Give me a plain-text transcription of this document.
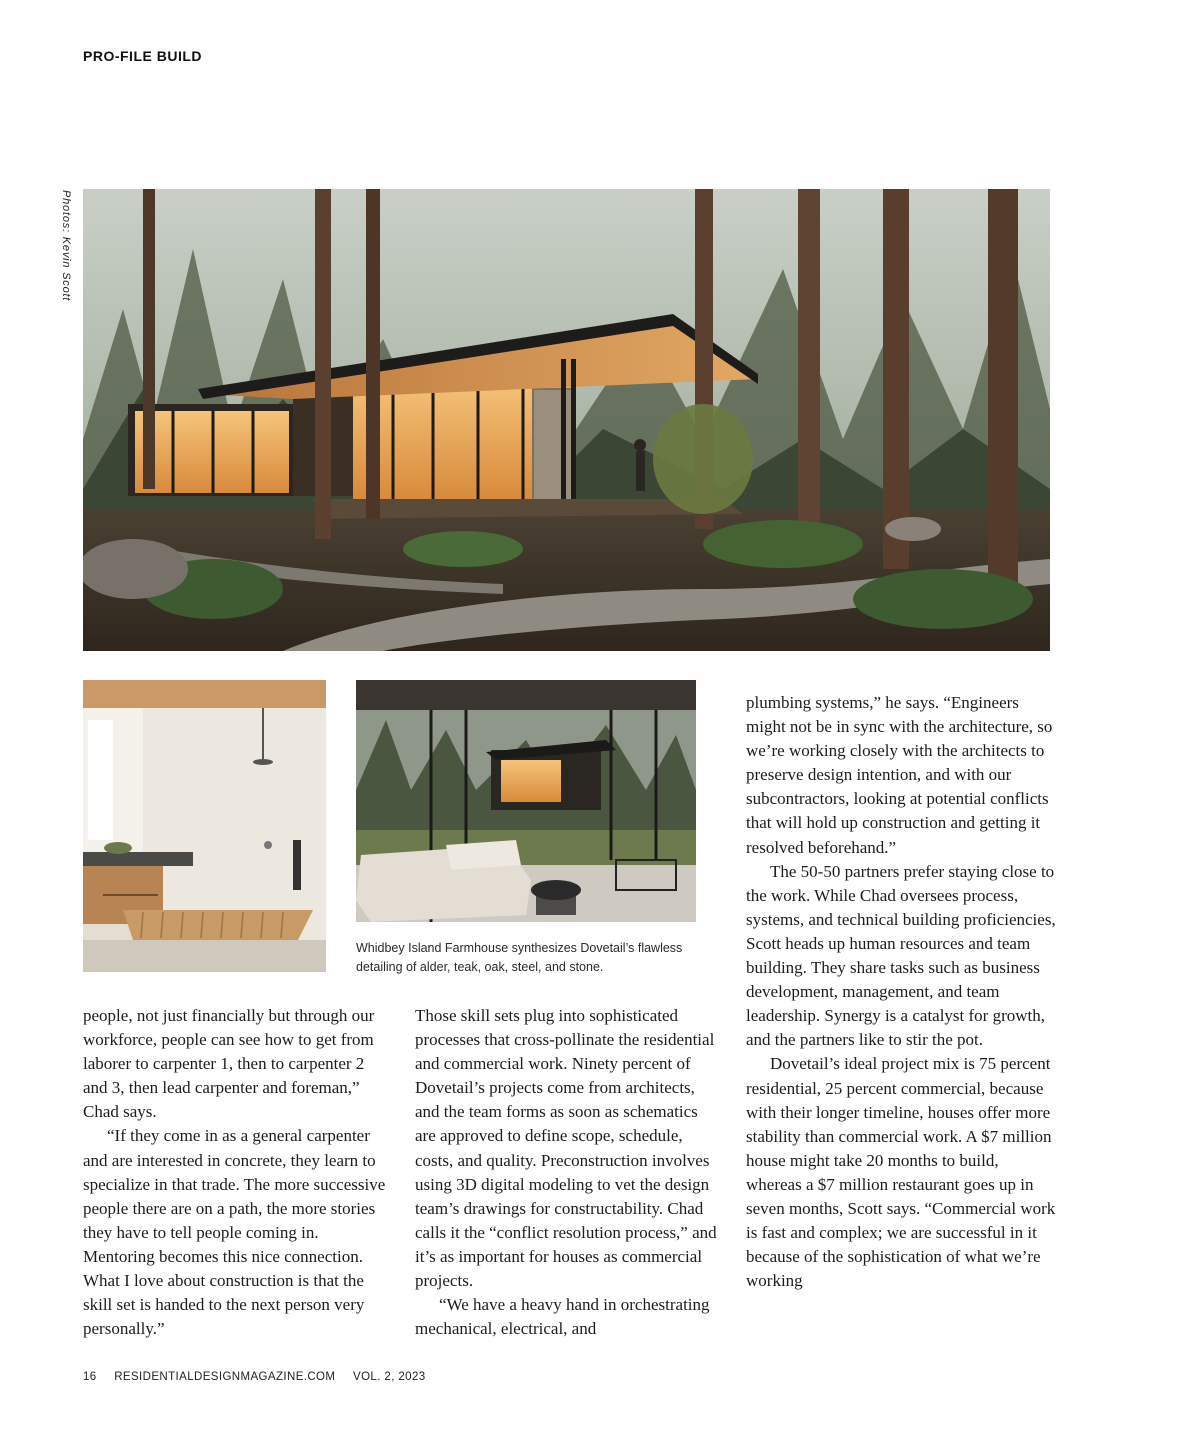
PRO-FILE BUILD
Photos: Kevin Scott
Whidbey Island Farmhouse synthesizes Dovetail’s flawless detailing of alder, teak, oak, steel, and stone.

people, not just financially but through our workforce, people can see how to get from laborer to carpenter 1, then to carpenter 2 and 3, then lead carpenter and foreman,” Chad says.

“If they come in as a general carpenter and are interested in concrete, they learn to specialize in that trade. The more successive people there are on a path, the more stories they have to tell people coming in. Mentoring becomes this nice connection. What I love about construction is that the skill set is handed to the next person very personally.”

Those skill sets plug into sophisticated processes that cross-pollinate the residential and commercial work. Ninety percent of Dovetail’s projects come from architects, and the team forms as soon as schematics are approved to define scope, schedule, costs, and quality. Preconstruction involves using 3D digital modeling to vet the design team’s drawings for constructability. Chad calls it the “conflict resolution process,” and it’s as important for houses as commercial projects.

“We have a heavy hand in orchestrating mechanical, electrical, and

plumbing systems,” he says. “Engineers might not be in sync with the architecture, so we’re working closely with the architects to preserve design intention, and with our subcontractors, looking at potential conflicts that will hold up construction and getting it resolved beforehand.”

The 50-50 partners prefer staying close to the work. While Chad oversees process, systems, and technical building proficiencies, Scott heads up human resources and team building. They share tasks such as business development, management, and team leadership. Synergy is a catalyst for growth, and the partners like to stir the pot.

Dovetail’s ideal project mix is 75 percent residential, 25 percent commercial, because with their longer timeline, houses offer more stability than commercial work. A $7 million house might take 20 months to build, whereas a $7 million restaurant goes up in seven months, Scott says. “Commercial work is fast and complex; we are successful in it because of the sophistication of what we’re working

16 RESIDENTIALDESIGNMAGAZINE.COM VOL. 2, 2023
